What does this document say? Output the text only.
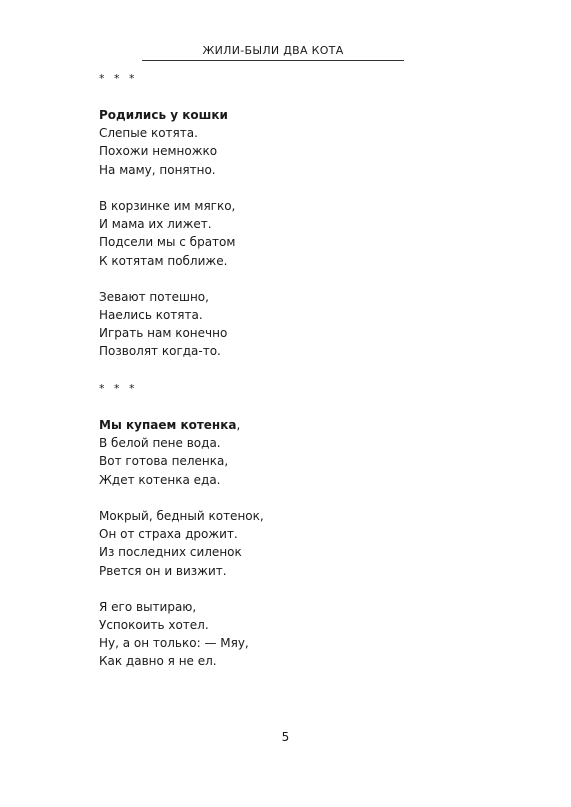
ЖИЛИ-БЫЛИ ДВА КОТА
* * *
Родились у кошки
Слепые котята.
Похожи немножко
На маму, понятно.
В корзинке им мягко,
И мама их лижет.
Подсели мы с братом
К котятам поближе.
Зевают потешно,
Наелись котята.
Играть нам конечно
Позволят когда-то.
* * *
Мы купаем котенка,
В белой пене вода.
Вот готова пеленка,
Ждет котенка еда.
Мокрый, бедный котенок,
Он от страха дрожит.
Из последних силенок
Рвется он и визжит.
Я его вытираю,
Успокоить хотел.
Ну, а он только: — Мяу,
Как давно я не ел.
5
